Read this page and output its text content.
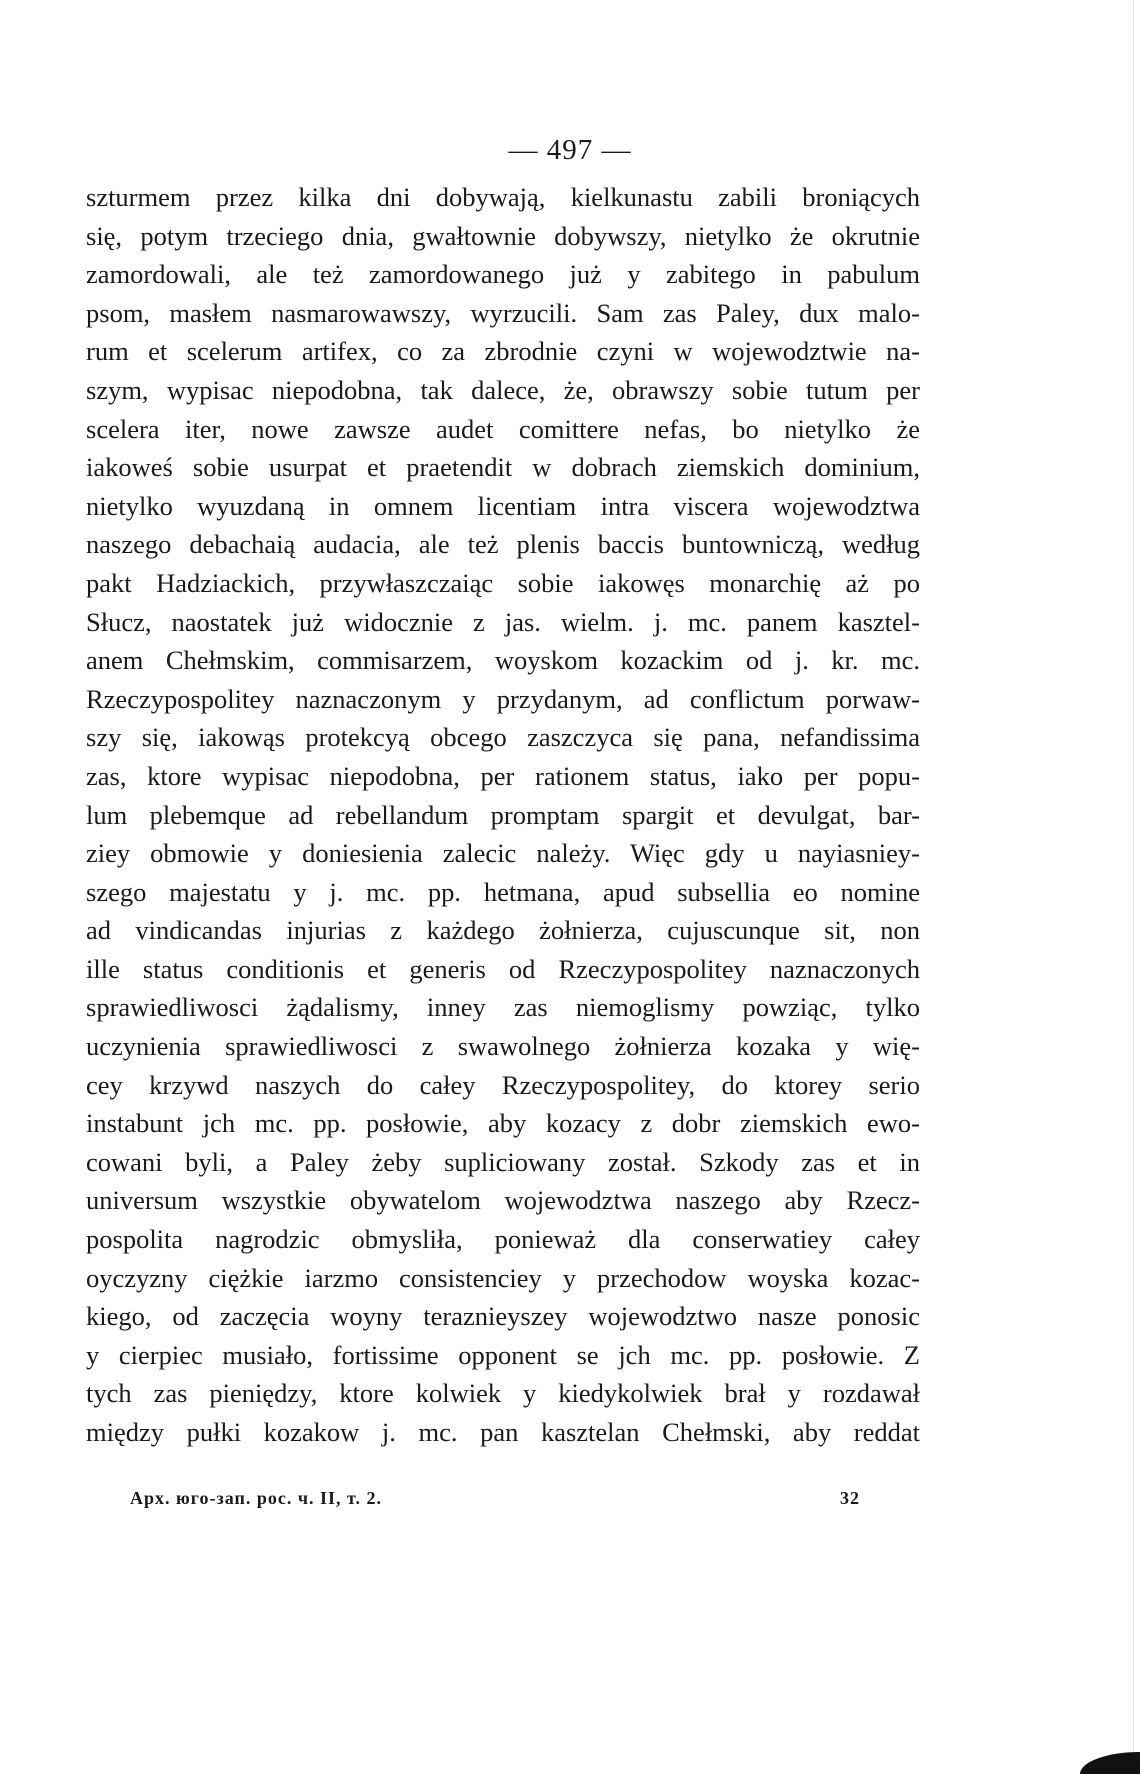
— 497 —
szturmem przez kilka dni dobywają, kielkunastu zabili broniących
się, potym trzeciego dnia, gwałtownie dobywszy, nietylko że okrutnie
zamordowali, ale też zamordowanego już y zabitego in pabulum
psom, masłem nasmarowawszy, wyrzucili. Sam zas Paley, dux malo-
rum et scelerum artifex, co za zbrodnie czyni w wojewodztwie na-
szym, wypisac niepodobna, tak dalece, że, obrawszy sobie tutum per
scelera iter, nowe zawsze audet comittere nefas, bo nietylko że
iakoweś sobie usurpat et praetendit w dobrach ziemskich dominium,
nietylko wyuzdaną in omnem licentiam intra viscera wojewodztwa
naszego debachaią audacia, ale też plenis baccis buntowniczą, według
pakt Hadziackich, przywłaszczaiąc sobie iakowęs monarchię aż po
Słucz, naostatek już widocznie z jas. wielm. j. mc. panem kasztel-
anem Chełmskim, commisarzem, woyskom kozackim od j. kr. mc.
Rzeczypospolitey naznaczonym y przydanym, ad conflictum porwaw-
szy się, iakowąs protekcyą obcego zaszczyca się pana, nefandissima
zas, ktore wypisac niepodobna, per rationem status, iako per popu-
lum plebemque ad rebellandum promptam spargit et devulgat, bar-
ziey obmowie y doniesienia zalecic należy. Więc gdy u nayiasniey-
szego majestatu y j. mc. pp. hetmana, apud subsellia eo nomine
ad vindicandas injurias z każdego żołnierza, cujuscunque sit, non
ille status conditionis et generis od Rzeczypospolitey naznaczonych
sprawiedliwosci żądalismy, inney zas niemoglismy powziąc, tylko
uczynienia sprawiedliwosci z swawolnego żołnierza kozaka y wię-
cey krzywd naszych do całey Rzeczypospolitey, do ktorey serio
instabunt jch mc. pp. posłowie, aby kozacy z dobr ziemskich ewo-
cowani byli, a Paley żeby supliciowany został. Szkody zas et in
universum wszystkie obywatelom wojewodztwa naszego aby Rzecz-
pospolita nagrodzic obmysliła, ponieważ dla conserwatiey całey
oyczyzny ciężkie iarzmo consistenciey y przechodow woyska kozac-
kiego, od zaczęcia woyny teraznieyszey wojewodztwo nasze ponosic
y cierpiec musiało, fortissime opponent se jch mc. pp. posłowie. Z
tych zas pieniędzy, ktore kolwiek y kiedykolwiek brał y rozdawał
między pułki kozakow j. mc. pan kasztelan Chełmski, aby reddat
Арх. юго-зап. рос. ч. II, т. 2.	32
